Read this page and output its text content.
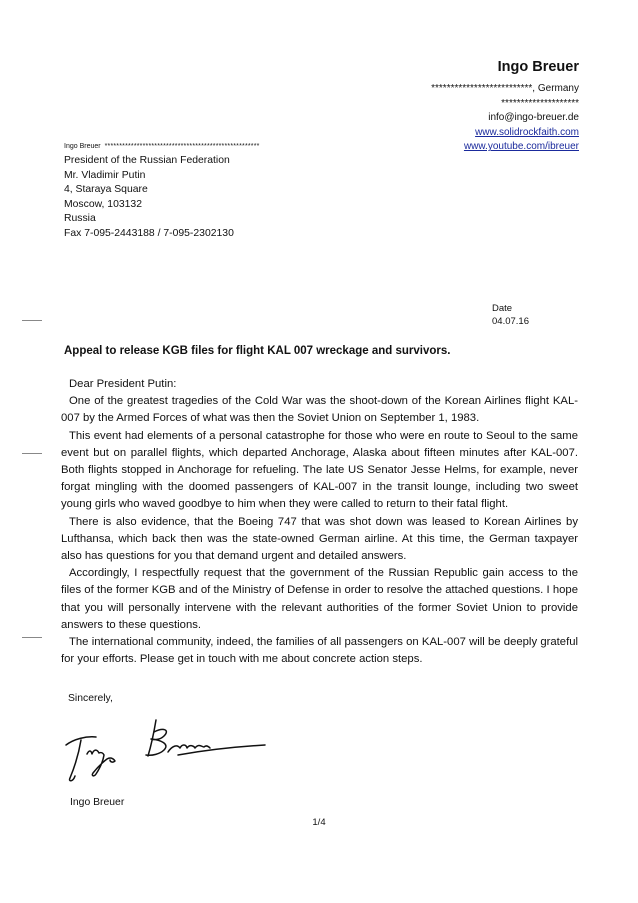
Ingo Breuer
**************************, Germany
********************
info@ingo-breuer.de
www.solidrockfaith.com
www.youtube.com/ibreuer
Ingo Breuer *****************************************************
President of the Russian Federation
Mr. Vladimir Putin
4, Staraya Square
Moscow, 103132
Russia
Fax 7-095-2443188 / 7-095-2302130
Date
04.07.16
Appeal to release KGB files for flight KAL 007 wreckage and survivors.

Dear President Putin:

One of the greatest tragedies of the Cold War was the shoot-down of the Korean Airlines flight KAL-007 by the Armed Forces of what was then the Soviet Union on September 1, 1983.

This event had elements of a personal catastrophe for those who were en route to Seoul to the same event but on parallel flights, which departed Anchorage, Alaska about fifteen minutes after KAL-007. Both flights stopped in Anchorage for refueling. The late US Senator Jesse Helms, for example, never forgat mingling with the doomed passengers of KAL-007 in the transit lounge, including two sweet young girls who waved goodbye to him when they were called to return to their fatal flight.

There is also evidence, that the Boeing 747 that was shot down was leased to Korean Airlines by Lufthansa, which back then was the state-owned German airline. At this time, the German taxpayer also has questions for you that demand urgent and detailed answers.

Accordingly, I respectfully request that the government of the Russian Republic gain access to the files of the former KGB and of the Ministry of Defense in order to resolve the attached questions. I hope that you will personally intervene with the relevant authorities of the former Soviet Union to provide answers to these questions.

The international community, indeed, the families of all passengers on KAL-007 will be deeply grateful for your efforts. Please get in touch with me about concrete action steps.

Sincerely,
Ingo Breuer
1/4
